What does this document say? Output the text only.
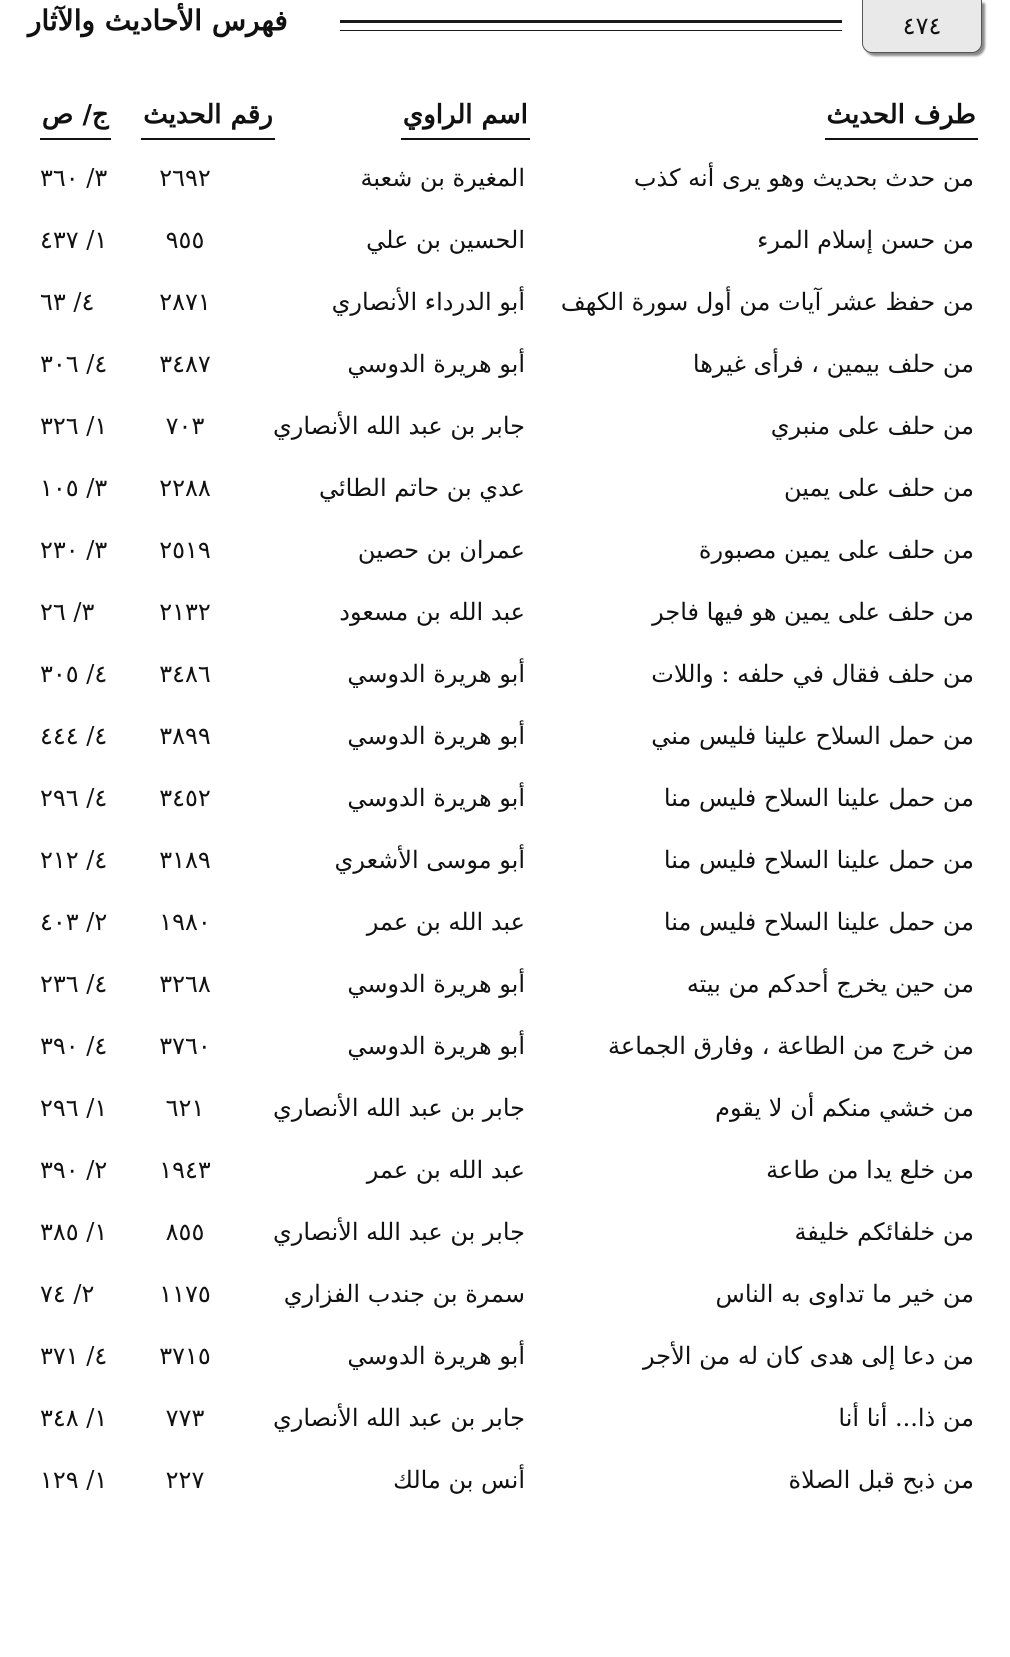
٤٧٤
فهرس الأحاديث والآثار
طرف الحديث
اسم الراوي
رقم الحديث
ج/ ص
من حدث بحديث وهو يرى أنه كذب
المغيرة بن شعبة
٢٦٩٢
٣/ ٣٦٠
من حسن إسلام المرء
الحسين بن علي
٩٥٥
١/ ٤٣٧
من حفظ عشر آيات من أول سورة الكهف
أبو الدرداء الأنصاري
٢٨٧١
٤/ ٦٣
من حلف بيمين ، فرأى غيرها
أبو هريرة الدوسي
٣٤٨٧
٤/ ٣٠٦
من حلف على منبري
جابر بن عبد الله الأنصاري
٧٠٣
١/ ٣٢٦
من حلف على يمين
عدي بن حاتم الطائي
٢٢٨٨
٣/ ١٠٥
من حلف على يمين مصبورة
عمران بن حصين
٢٥١٩
٣/ ٢٣٠
من حلف على يمين هو فيها فاجر
عبد الله بن مسعود
٢١٣٢
٣/ ٢٦
من حلف فقال في حلفه : واللات
أبو هريرة الدوسي
٣٤٨٦
٤/ ٣٠٥
من حمل السلاح علينا فليس مني
أبو هريرة الدوسي
٣٨٩٩
٤/ ٤٤٤
من حمل علينا السلاح فليس منا
أبو هريرة الدوسي
٣٤٥٢
٤/ ٢٩٦
من حمل علينا السلاح فليس منا
أبو موسى الأشعري
٣١٨٩
٤/ ٢١٢
من حمل علينا السلاح فليس منا
عبد الله بن عمر
١٩٨٠
٢/ ٤٠٣
من حين يخرج أحدكم من بيته
أبو هريرة الدوسي
٣٢٦٨
٤/ ٢٣٦
من خرج من الطاعة ، وفارق الجماعة
أبو هريرة الدوسي
٣٧٦٠
٤/ ٣٩٠
من خشي منكم أن لا يقوم
جابر بن عبد الله الأنصاري
٦٢١
١/ ٢٩٦
من خلع يدا من طاعة
عبد الله بن عمر
١٩٤٣
٢/ ٣٩٠
من خلفائكم خليفة
جابر بن عبد الله الأنصاري
٨٥٥
١/ ٣٨٥
من خير ما تداوى به الناس
سمرة بن جندب الفزاري
١١٧٥
٢/ ٧٤
من دعا إلى هدى كان له من الأجر
أبو هريرة الدوسي
٣٧١٥
٤/ ٣٧١
من ذا... أنا أنا
جابر بن عبد الله الأنصاري
٧٧٣
١/ ٣٤٨
من ذبح قبل الصلاة
أنس بن مالك
٢٢٧
١/ ١٢٩
